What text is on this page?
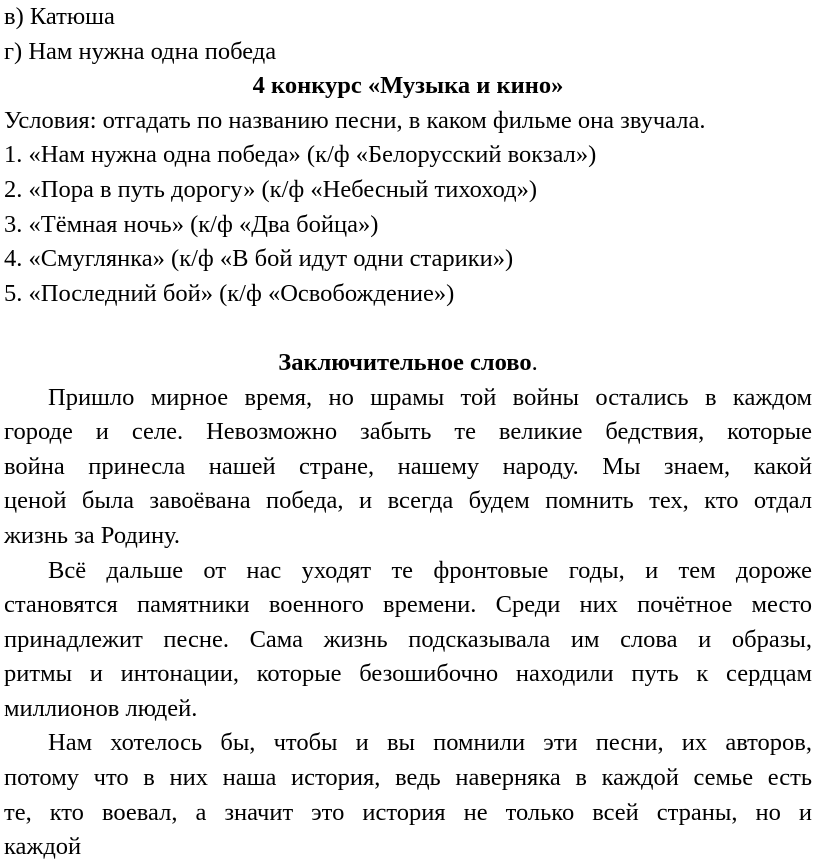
в) Катюша
г) Нам нужна одна победа
4 конкурс «Музыка и кино»
Условия: отгадать по названию песни, в каком фильме она звучала.
1. «Нам нужна одна победа» (к/ф «Белорусский вокзал»)
2. «Пора в путь дорогу» (к/ф «Небесный тихоход»)
3. «Тёмная ночь» (к/ф «Два бойца»)
4. «Смуглянка» (к/ф «В бой идут одни старики»)
5. «Последний бой» (к/ф «Освобождение»)
Заключительное слово.
Пришло мирное время, но шрамы той войны остались в каждом
городе и селе. Невозможно забыть те великие бедствия, которые
война принесла нашей стране, нашему народу. Мы знаем, какой
ценой была завоёвана победа, и всегда будем помнить тех, кто отдал
жизнь за Родину.
Всё дальше от нас уходят те фронтовые годы, и тем дороже
становятся памятники военного времени. Среди них почётное место
принадлежит песне. Сама жизнь подсказывала им слова и образы,
ритмы и интонации, которые безошибочно находили путь к сердцам
миллионов людей.
Нам хотелось бы, чтобы и вы помнили эти песни, их авторов,
потому что в них наша история, ведь наверняка в каждой семье есть
те, кто воевал, а значит это история не только всей страны, но и
каждой
